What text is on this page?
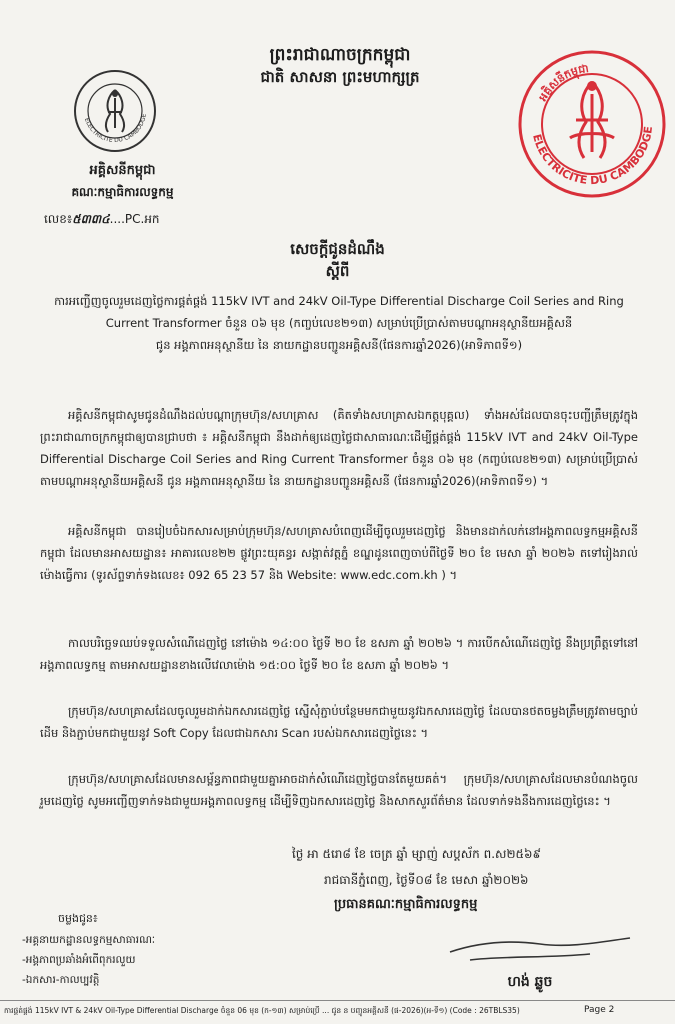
ព្រះរាជាណាចក្រកម្ពុជា
ជាតិ សាសនា ព្រះមហាក្សត្រ
ELECTRICITE DU CAMBODGE
ELECTRICITE DU CAMBODGE
អគ្គិសនីកម្ពុជា
អគ្គិសនីកម្ពុជា
គណៈកម្មាធិការលទ្ធកម្ម
លេខ៖៥៣៣៤....PC.អក
សេចក្តីជូនដំណឹង
ស្តីពី
ការអញ្ជើញចូលរួមដេញថ្លៃការផ្គត់ផ្គង់ 115kV IVT and 24kV Oil-Type Differential Discharge Coil Series and Ring
Current Transformer ចំនួន ០៦ មុខ (កញ្ចប់លេខ២១៣) សម្រាប់ប្រើប្រាស់តាមបណ្តាអនុស្ថានីយអគ្គិសនី
ជូន អង្គភាពអនុស្ថានីយ នៃ នាយកដ្ឋានបញ្ជូនអគ្គិសនី(ផែនការឆ្នាំ2026)(អាទិភាពទី១)
អគ្គិសនីកម្ពុជាសូមជូនដំណឹងដល់បណ្តាក្រុមហ៊ុន/សហគ្រាស (គិតទាំងសហគ្រាសឯកត្តបុគ្គល) ទាំងអស់ដែលបានចុះបញ្ជីត្រឹមត្រូវក្នុងព្រះរាជាណាចក្រកម្ពុជាឲ្យបានជ្រាបថា ៖ អគ្គិសនីកម្ពុជា នឹងដាក់ឲ្យដេញថ្លៃជាសាធារណៈដើម្បីផ្គត់ផ្គង់ 115kV IVT and 24kV Oil-Type Differential Discharge Coil Series and Ring Current Transformer ចំនួន ០៦ មុខ (កញ្ចប់លេខ២១៣) សម្រាប់ប្រើប្រាស់តាមបណ្តាអនុស្ថានីយអគ្គិសនី ជូន អង្គភាពអនុស្ថានីយ នៃ នាយកដ្ឋានបញ្ជូនអគ្គិសនី (ផែនការឆ្នាំ2026)(អាទិភាពទី១) ។
អគ្គិសនីកម្ពុជា បានរៀបចំឯកសារសម្រាប់ក្រុមហ៊ុន/សហគ្រាសបំពេញដើម្បីចូលរួមដេញថ្លៃ និងមានដាក់លក់នៅអង្គភាពលទ្ធកម្មអគ្គិសនីកម្ពុជា ដែលមានអាសយដ្ឋាន៖ អាគារលេខ២២ ផ្លូវព្រះយុគន្ធរ សង្កាត់វត្តភ្នំ ខណ្ឌដូនពេញចាប់ពីថ្ងៃទី ២០ ខែ មេសា ឆ្នាំ ២០២៦ តទៅរៀងរាល់ម៉ោងធ្វើការ (ទូរស័ព្ទទាក់ទងលេខ៖ 092 65 23 57 និង Website: www.edc.com.kh ) ។
កាលបរិច្ឆេទឈប់ទទួលសំណើដេញថ្លៃ នៅម៉ោង ១៤:០០ ថ្ងៃទី ២០ ខែ ឧសភា ឆ្នាំ ២០២៦ ។ ការបើកសំណើដេញថ្លៃ នឹងប្រព្រឹត្តទៅនៅអង្គភាពលទ្ធកម្ម តាមអាសយដ្ឋានខាងលើវេលាម៉ោង ១៥:០០ ថ្ងៃទី ២០ ខែ ឧសភា ឆ្នាំ ២០២៦ ។
ក្រុមហ៊ុន/សហគ្រាសដែលចូលរួមដាក់ឯកសារដេញថ្លៃ ស្នើសុំភ្ជាប់បន្ថែមមកជាមួយនូវឯកសារដេញថ្លៃ ដែលបានថតចម្លងត្រឹមត្រូវតាមច្បាប់ដើម និងភ្ជាប់មកជាមួយនូវ Soft Copy ដែលជាឯកសារ Scan របស់ឯកសារដេញថ្លៃនេះ ។
ក្រុមហ៊ុន/សហគ្រាសដែលមានសម្ព័ន្ធភាពជាមួយគ្នាអាចដាក់សំណើដេញថ្លៃបានតែមួយគត់។ ក្រុមហ៊ុន/សហគ្រាសដែលមានបំណងចូលរួមដេញថ្លៃ សូមអញ្ជើញទាក់ទងជាមួយអង្គភាពលទ្ធកម្ម ដើម្បីទិញឯកសារដេញថ្លៃ និងសាកសួរព័ត៌មាន ដែលទាក់ទងនឹងការដេញថ្លៃនេះ ។
ថ្ងៃ អា ៥រោ៨ ខែ ចេត្រ ឆ្នាំ ម្សាញ់ សប្តស័ក ព.ស២៥៦៩
រាជធានីភ្នំពេញ, ថ្ងៃទី០៨ ខែ មេសា ឆ្នាំ២០២៦
ប្រធានគណៈកម្មាធិការលទ្ធកម្ម
ចម្លងជូន៖
-អគ្គនាយកដ្ឋានលទ្ធកម្មសាធារណៈ
-អង្គភាពប្រឆាំងអំពើពុករលួយ
-ឯកសារ-កាលប្បវត្តិ	ហង់ ឆ្លូច
ការផ្គត់ផ្គង់ 115kV IVT & 24kV Oil-Type Differential Discharge ចំនួន 06 មុខ (ក-១៣) សម្រាប់ប្រើ ... ជូន ន បញ្ជូនអគ្គិសនី (ផ-2026)(អ-ទី១) (Code : 26TBLS35)	Page 2
